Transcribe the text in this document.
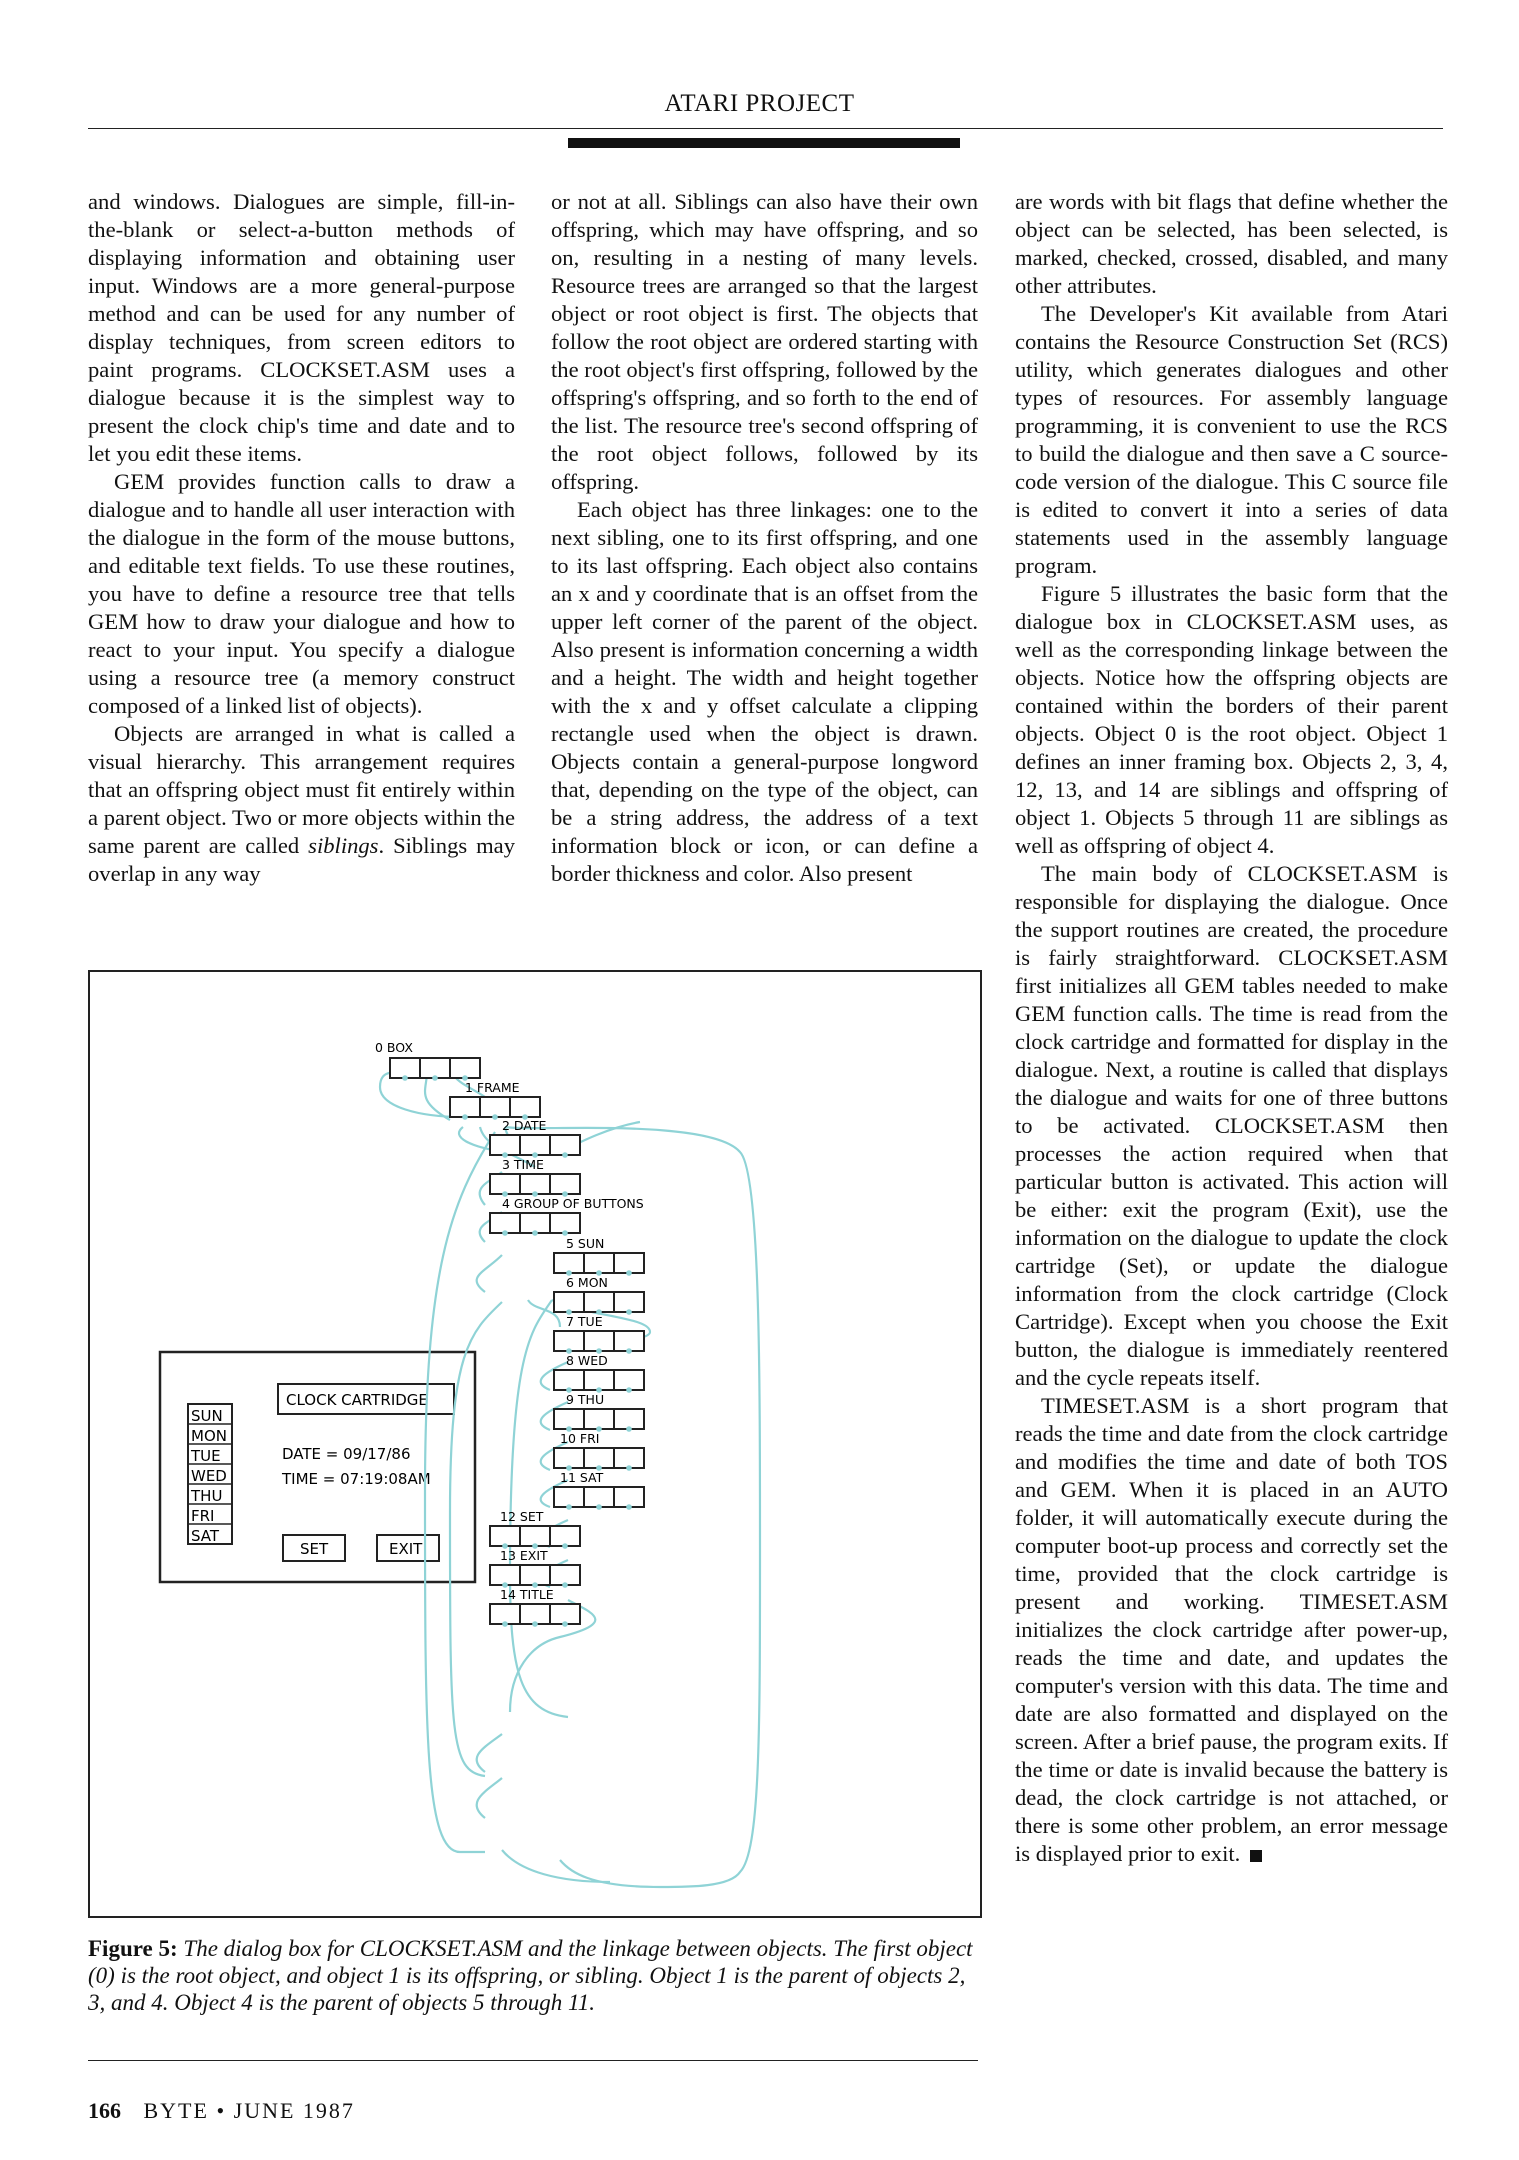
ATARI PROJECT

and windows. Dialogues are simple, fill-in-the-blank or select-a-button methods of displaying information and obtaining user input. Windows are a more general-purpose method and can be used for any number of display techniques, from screen editors to paint programs. CLOCKSET.ASM uses a dialogue because it is the simplest way to present the clock chip's time and date and to let you edit these items.

GEM provides function calls to draw a dialogue and to handle all user interaction with the dialogue in the form of the mouse buttons, and editable text fields. To use these routines, you have to define a resource tree that tells GEM how to draw your dialogue and how to react to your input. You specify a dialogue using a resource tree (a memory construct composed of a linked list of objects).

Objects are arranged in what is called a visual hierarchy. This arrangement requires that an offspring object must fit entirely within a parent object. Two or more objects within the same parent are called siblings. Siblings may overlap in any way

or not at all. Siblings can also have their own offspring, which may have offspring, and so on, resulting in a nesting of many levels. Resource trees are arranged so that the largest object or root object is first. The objects that follow the root object are ordered starting with the root object's first offspring, followed by the offspring's offspring, and so forth to the end of the list. The resource tree's second offspring of the root object follows, followed by its offspring.

Each object has three linkages: one to the next sibling, one to its first offspring, and one to its last offspring. Each object also contains an x and y coordinate that is an offset from the upper left corner of the parent of the object. Also present is information concerning a width and a height. The width and height together with the x and y offset calculate a clipping rectangle used when the object is drawn. Objects contain a general-purpose longword that, depending on the type of the object, can be a string address, the address of a text information block or icon, or can define a border thickness and color. Also present

are words with bit flags that define whether the object can be selected, has been selected, is marked, checked, crossed, disabled, and many other attributes.

The Developer's Kit available from Atari contains the Resource Construction Set (RCS) utility, which generates dialogues and other types of resources. For assembly language programming, it is convenient to use the RCS to build the dialogue and then save a C source-code version of the dialogue. This C source file is edited to convert it into a series of data statements used in the assembly language program.

Figure 5 illustrates the basic form that the dialogue box in CLOCKSET.ASM uses, as well as the corresponding linkage between the objects. Notice how the offspring objects are contained within the borders of their parent objects. Object 0 is the root object. Object 1 defines an inner framing box. Objects 2, 3, 4, 12, 13, and 14 are siblings and offspring of object 1. Objects 5 through 11 are siblings as well as offspring of object 4.

The main body of CLOCKSET.ASM is responsible for displaying the dialogue. Once the support routines are created, the procedure is fairly straightforward. CLOCKSET.ASM first initializes all GEM tables needed to make GEM function calls. The time is read from the clock cartridge and formatted for display in the dialogue. Next, a routine is called that displays the dialogue and waits for one of three buttons to be activated. CLOCKSET.ASM then processes the action required when that particular button is activated. This action will be either: exit the program (Exit), use the information on the dialogue to update the clock cartridge (Set), or update the dialogue information from the clock cartridge (Clock Cartridge). Except when you choose the Exit button, the dialogue is immediately reentered and the cycle repeats itself.

TIMESET.ASM is a short program that reads the time and date from the clock cartridge and modifies the time and date of both TOS and GEM. When it is placed in an AUTO folder, it will automatically execute during the computer boot-up process and correctly set the time, provided that the clock cartridge is present and working. TIMESET.ASM initializes the clock cartridge after power-up, reads the time and date, and updates the computer's version with this data. The time and date are also formatted and displayed on the screen. After a brief pause, the program exits. If the time or date is invalid because the battery is dead, the clock cartridge is not attached, or there is some other problem, an error message is displayed prior to exit.

SUN
MON
TUE
WED
THU
FRI
SAT
CLOCK CARTRIDGE
DATE = 09/17/86
TIME = 07:19:08AM
SET	EXIT
0 BOX
1 FRAME
2 DATE
3 TIME
4 GROUP OF BUTTONS
5 SUN
6 MON
7 TUE
8 WED
9 THU
10 FRI
11 SAT
12 SET
13 EXIT
14 TITLE
Figure 5: The dialog box for CLOCKSET.ASM and the linkage between objects. The first object (0) is the root object, and object 1 is its offspring, or sibling. Object 1 is the parent of objects 2, 3, and 4. Object 4 is the parent of objects 5 through 11.
166 BYTE • JUNE 1987
